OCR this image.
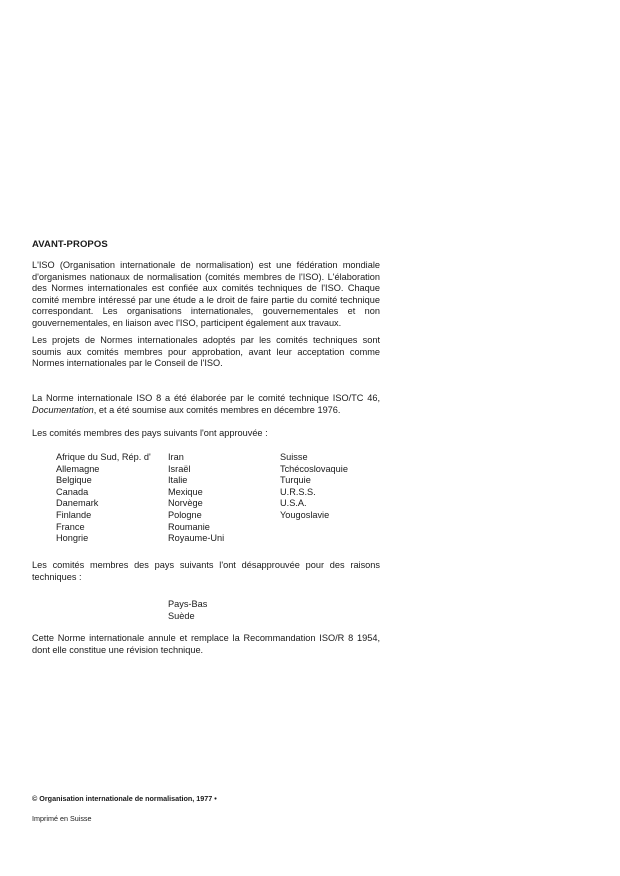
AVANT-PROPOS

L'ISO (Organisation internationale de normalisation) est une fédération mondiale d'organismes nationaux de normalisation (comités membres de l'ISO). L'élaboration des Normes internationales est confiée aux comités techniques de l'ISO. Chaque comité membre intéressé par une étude a le droit de faire partie du comité technique correspondant. Les organisations internationales, gouvernementales et non gouvernementales, en liaison avec l'ISO, participent également aux travaux.

Les projets de Normes internationales adoptés par les comités techniques sont soumis aux comités membres pour approbation, avant leur acceptation comme Normes internationales par le Conseil de l'ISO.

La Norme internationale ISO 8 a été élaborée par le comité technique ISO/TC 46, Documentation, et a été soumise aux comités membres en décembre 1976.

Les comités membres des pays suivants l'ont approuvée :

Afrique du Sud, Rép. d'
Allemagne
Belgique
Canada
Danemark
Finlande
France
Hongrie
Iran
Israël
Italie
Mexique
Norvège
Pologne
Roumanie
Royaume-Uni
Suisse
Tchécoslovaquie
Turquie
U.R.S.S.
U.S.A.
Yougoslavie

Les comités membres des pays suivants l'ont désapprouvée pour des raisons techniques :

Pays-Bas
Suède

Cette Norme internationale annule et remplace la Recommandation ISO/R 8 1954, dont elle constitue une révision technique.

© Organisation internationale de normalisation, 1977 •
Imprimé en Suisse
